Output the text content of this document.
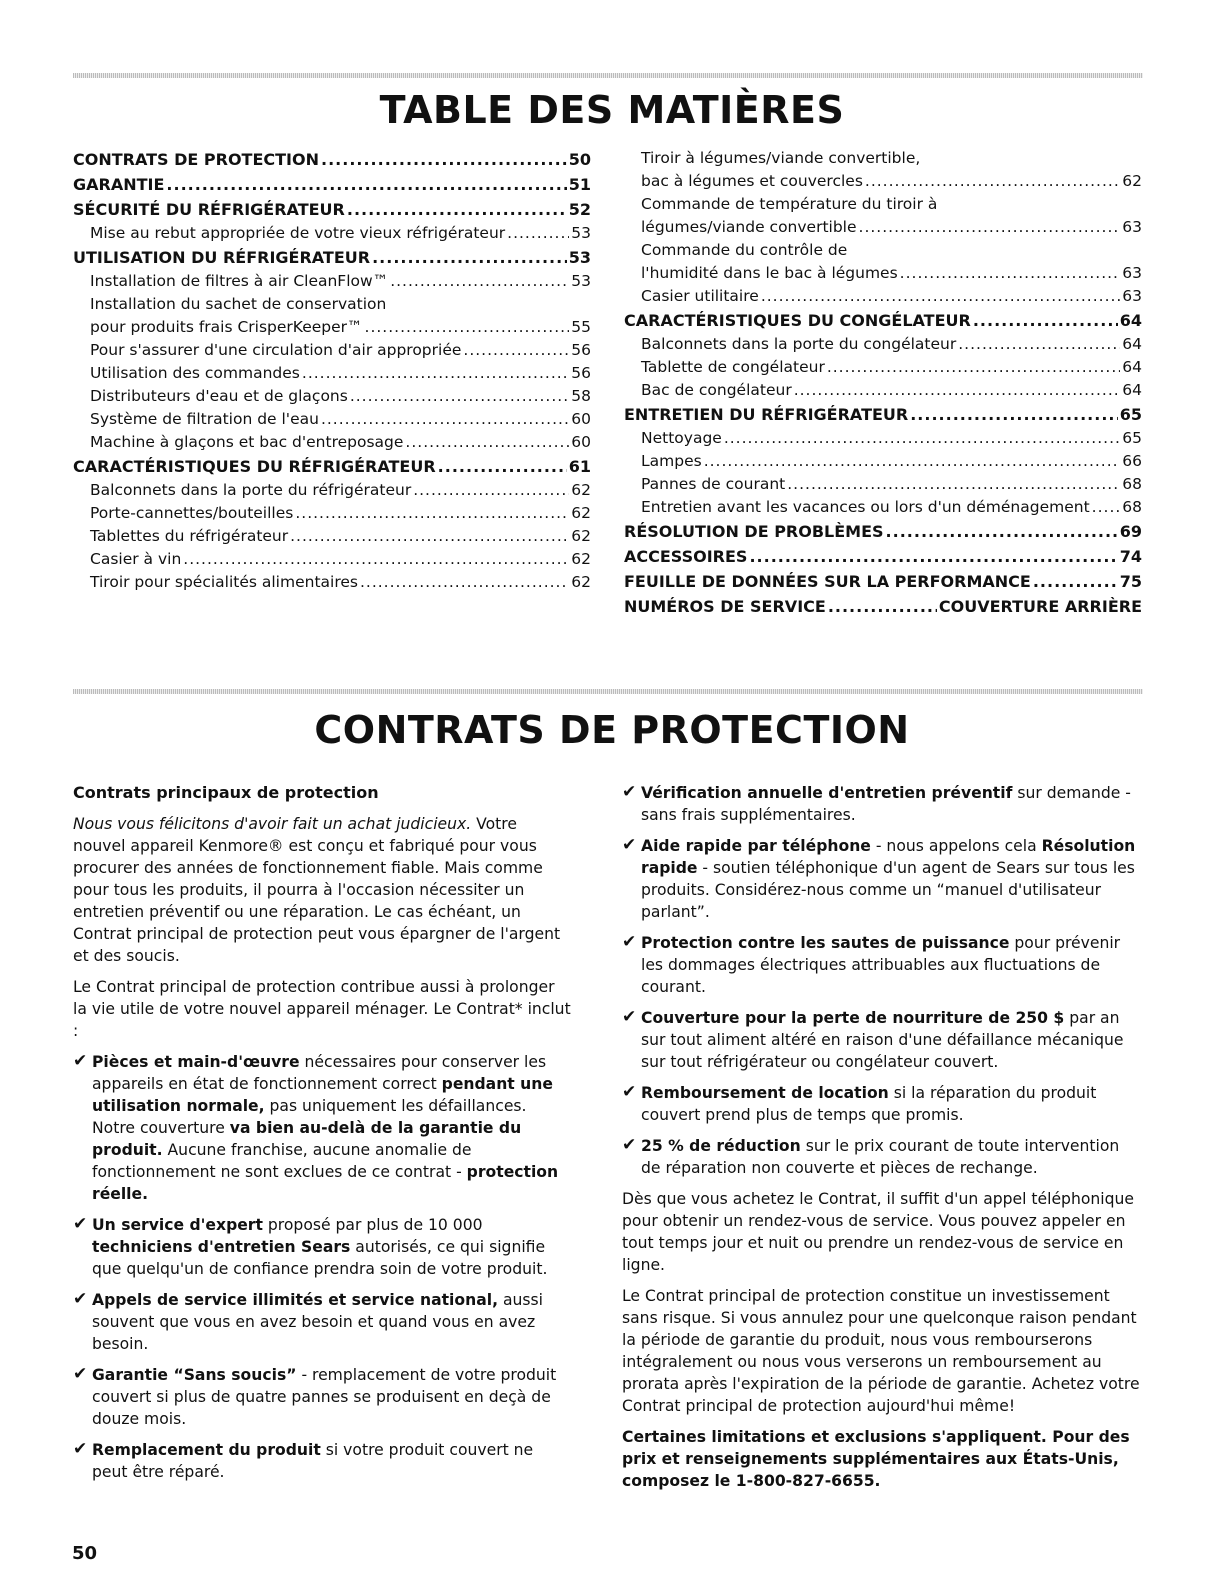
TABLE DES MATIÈRES
CONTRATS DE PROTECTION .....	50
GARANTIE .....	51
SÉCURITÉ DU RÉFRIGÉRATEUR .....	52
Mise au rebut appropriée de votre vieux réfrigérateur .....	53
UTILISATION DU RÉFRIGÉRATEUR .....	53
Installation de filtres à air CleanFlow™ .....	53
Installation du sachet de conservation
pour produits frais CrisperKeeper™ .....	55
Pour s'assurer d'une circulation d'air appropriée .....	56
Utilisation des commandes .....	56
Distributeurs d'eau et de glaçons .....	58
Système de filtration de l'eau .....	60
Machine à glaçons et bac d'entreposage .....	60
CARACTÉRISTIQUES DU RÉFRIGÉRATEUR .....	61
Balconnets dans la porte du réfrigérateur .....	62
Porte-cannettes/bouteilles .....	62
Tablettes du réfrigérateur .....	62
Casier à vin .....	62
Tiroir pour spécialités alimentaires .....	62
Tiroir à légumes/viande convertible,
bac à légumes et couvercles .....	62
Commande de température du tiroir à
légumes/viande convertible .....	63
Commande du contrôle de
l'humidité dans le bac à légumes .....	63
Casier utilitaire .....	63
CARACTÉRISTIQUES DU CONGÉLATEUR .....	64
Balconnets dans la porte du congélateur .....	64
Tablette de congélateur .....	64
Bac de congélateur .....	64
ENTRETIEN DU RÉFRIGÉRATEUR .....	65
Nettoyage .....	65
Lampes .....	66
Pannes de courant .....	68
Entretien avant les vacances ou lors d'un déménagement ..... 68
RÉSOLUTION DE PROBLÈMES .....	69
ACCESSOIRES .....	74
FEUILLE DE DONNÉES SUR LA PERFORMANCE .....	75
NUMÉROS DE SERVICE .....	COUVERTURE ARRIÈRE
CONTRATS DE PROTECTION

Contrats principaux de protection

Nous vous félicitons d'avoir fait un achat judicieux. Votre nouvel appareil Kenmore® est conçu et fabriqué pour vous procurer des années de fonctionnement fiable. Mais comme pour tous les produits, il pourra à l'occasion nécessiter un entretien préventif ou une réparation. Le cas échéant, un Contrat principal de protection peut vous épargner de l'argent et des soucis.

Le Contrat principal de protection contribue aussi à prolonger la vie utile de votre nouvel appareil ménager. Le Contrat* inclut :

✔ Pièces et main-d'œuvre nécessaires pour conserver les appareils en état de fonctionnement correct pendant une utilisation normale, pas uniquement les défaillances. Notre couverture va bien au-delà de la garantie du produit. Aucune franchise, aucune anomalie de fonctionnement ne sont exclues de ce contrat - protection réelle.
✔ Un service d'expert proposé par plus de 10 000 techniciens d'entretien Sears autorisés, ce qui signifie que quelqu'un de confiance prendra soin de votre produit.
✔ Appels de service illimités et service national, aussi souvent que vous en avez besoin et quand vous en avez besoin.
✔ Garantie “Sans soucis” - remplacement de votre produit couvert si plus de quatre pannes se produisent en deçà de douze mois.
✔ Remplacement du produit si votre produit couvert ne peut être réparé.
✔ Vérification annuelle d'entretien préventif sur demande - sans frais supplémentaires.
✔ Aide rapide par téléphone - nous appelons cela Résolution rapide - soutien téléphonique d'un agent de Sears sur tous les produits. Considérez-nous comme un “manuel d'utilisateur parlant”.
✔ Protection contre les sautes de puissance pour prévenir les dommages électriques attribuables aux fluctuations de courant.
✔ Couverture pour la perte de nourriture de 250 $ par an sur tout aliment altéré en raison d'une défaillance mécanique sur tout réfrigérateur ou congélateur couvert.
✔ Remboursement de location si la réparation du produit couvert prend plus de temps que promis.
✔ 25 % de réduction sur le prix courant de toute intervention de réparation non couverte et pièces de rechange.

Dès que vous achetez le Contrat, il suffit d'un appel téléphonique pour obtenir un rendez-vous de service. Vous pouvez appeler en tout temps jour et nuit ou prendre un rendez-vous de service en ligne.

Le Contrat principal de protection constitue un investissement sans risque. Si vous annulez pour une quelconque raison pendant la période de garantie du produit, nous vous rembourserons intégralement ou nous vous verserons un remboursement au prorata après l'expiration de la période de garantie. Achetez votre Contrat principal de protection aujourd'hui même!

Certaines limitations et exclusions s'appliquent. Pour des prix et renseignements supplémentaires aux États-Unis, composez le 1-800-827-6655.

50
